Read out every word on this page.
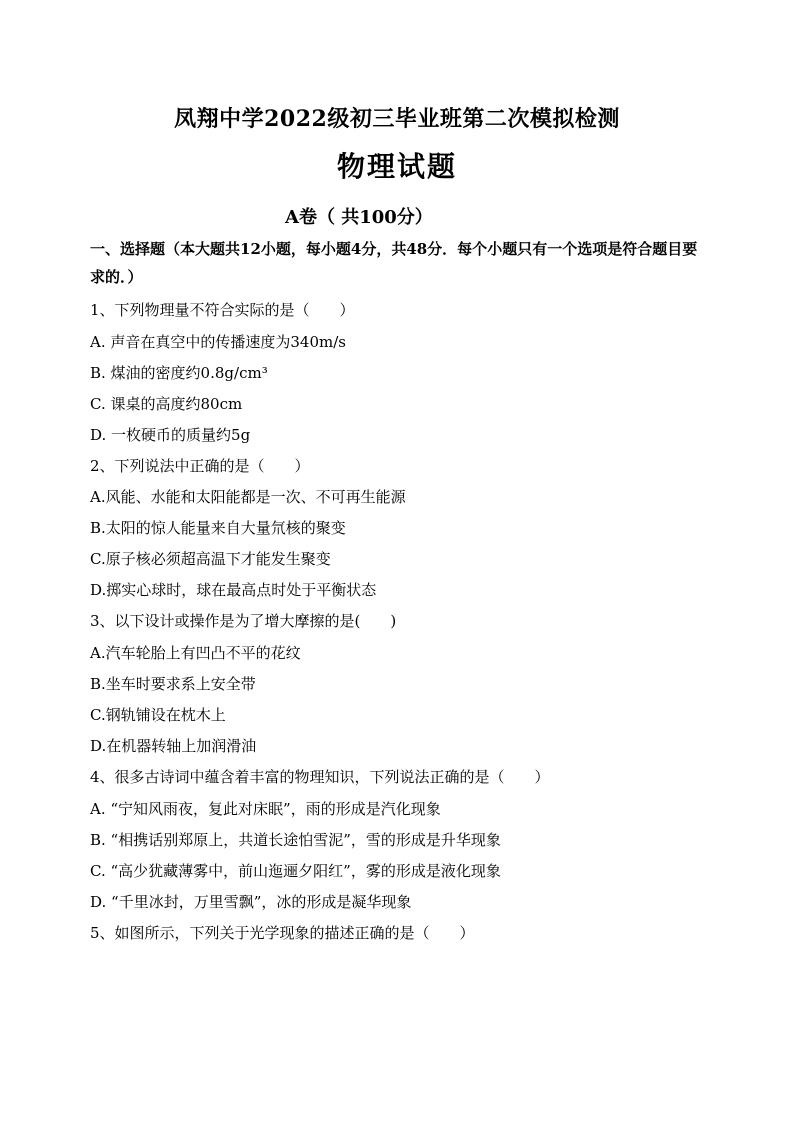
凤翔中学2022级初三毕业班第二次模拟检测
物理试题
A卷（ 共100分）
一、选择题（本大题共12小题，每小题4分，共48分．每个小题只有一个选项是符合题目要求的．）
1、下列物理量不符合实际的是（　　）
A. 声音在真空中的传播速度为340m/s
B. 煤油的密度约0.8g/cm³
C. 课桌的高度约80cm
D. 一枚硬币的质量约5g
2、下列说法中正确的是（　　）
A.风能、水能和太阳能都是一次、不可再生能源
B.太阳的惊人能量来自大量氘核的聚变
C.原子核必须超高温下才能发生聚变
D.掷实心球时，球在最高点时处于平衡状态
3、以下设计或操作是为了增大摩擦的是(　　)
A.汽车轮胎上有凹凸不平的花纹
B.坐车时要求系上安全带
C.钢轨铺设在枕木上
D.在机器转轴上加润滑油
4、很多古诗词中蕴含着丰富的物理知识，下列说法正确的是（　　）
A. “宁知风雨夜，复此对床眠”，雨的形成是汽化现象
B. “相携话别郑原上，共道长途怕雪泥”，雪的形成是升华现象
C. “高少犹藏薄雾中，前山迤逦夕阳红”，雾的形成是液化现象
D. “千里冰封，万里雪飘”，冰的形成是凝华现象
5、如图所示，下列关于光学现象的描述正确的是（　　）
